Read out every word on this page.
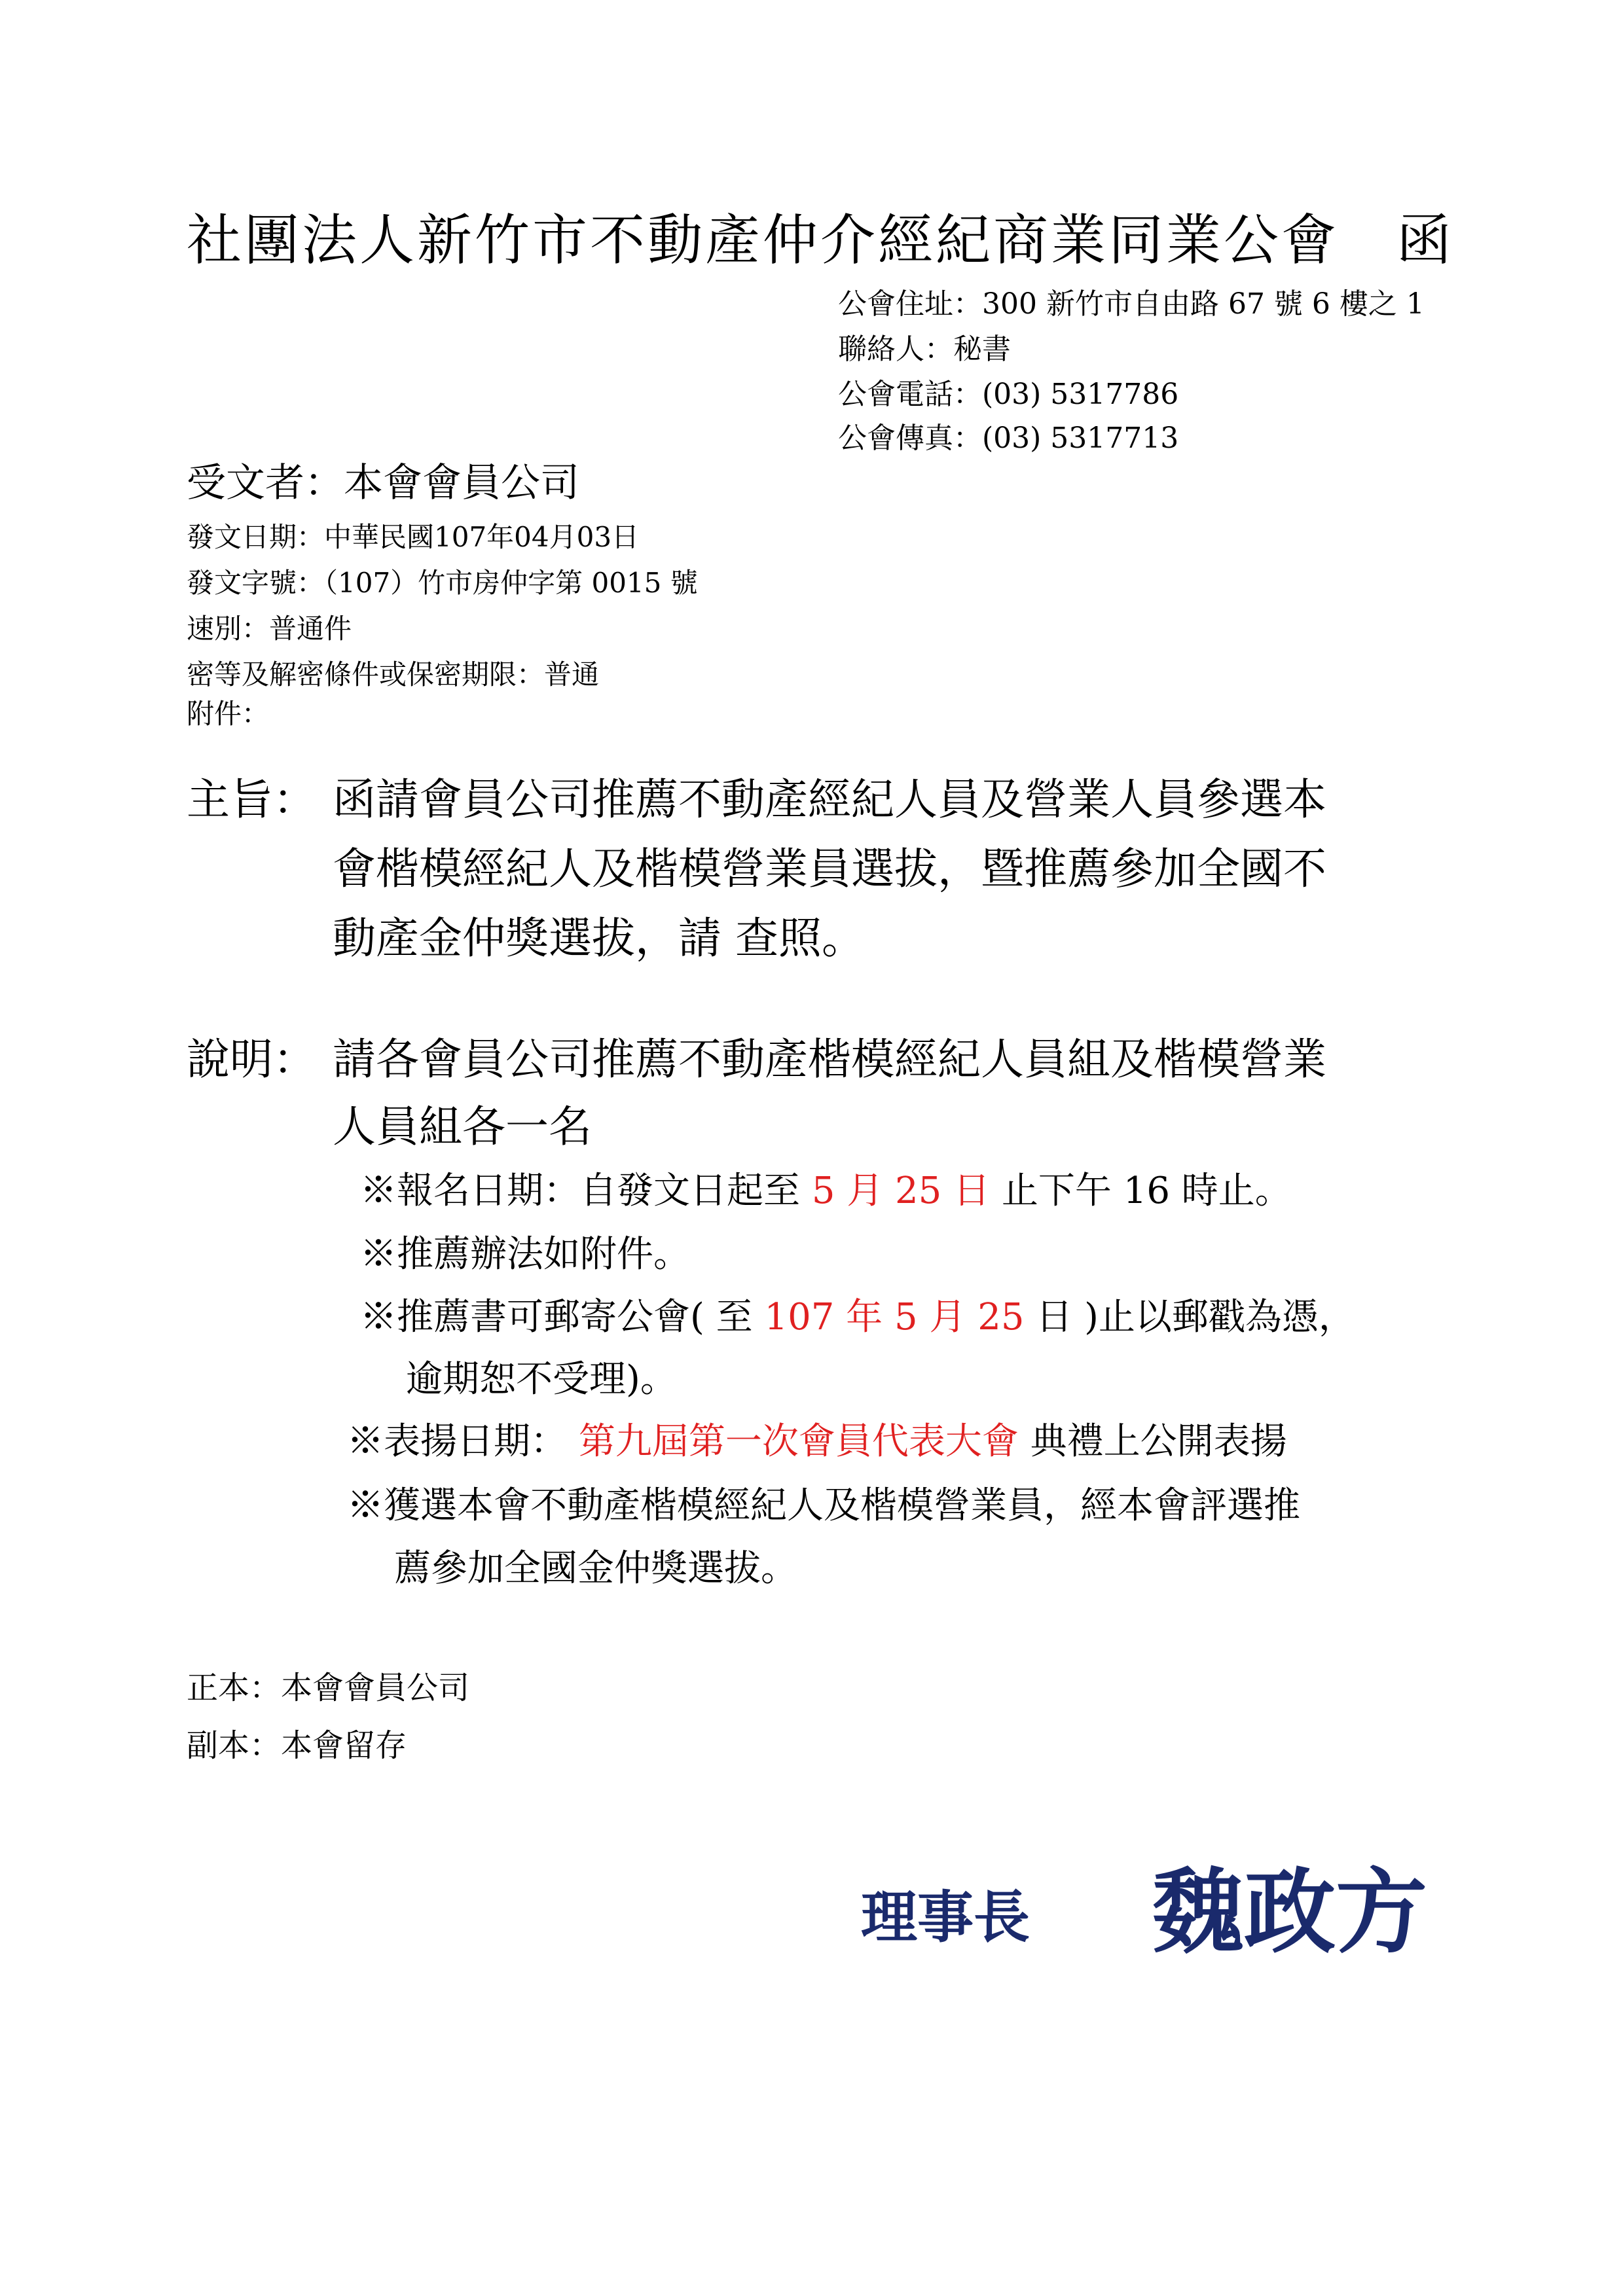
社團法人新竹市不動產仲介經紀商業同業公會　函
公會住址：300 新竹市自由路 67 號 6 樓之 1
聯絡人：秘書
公會電話：(03) 5317786
公會傳真：(03) 5317713
受文者：本會會員公司
發文日期：中華民國107年04月03日
發文字號：（107）竹市房仲字第 0015 號
速別：普通件
密等及解密條件或保密期限：普通
附件：
主旨： 函請會員公司推薦不動產經紀人員及營業人員參選本
會楷模經紀人及楷模營業員選拔，暨推薦參加全國不
動產金仲獎選拔，請 查照。
說明： 請各會員公司推薦不動產楷模經紀人員組及楷模營業
人員組各一名
※報名日期：自發文日起至 5 月 25 日 止下午 16 時止。
※推薦辦法如附件。
※推薦書可郵寄公會( 至 107 年 5 月 25 日 )止以郵戳為憑，
逾期恕不受理)。
※表揚日期： 第九屆第一次會員代表大會 典禮上公開表揚
※獲選本會不動產楷模經紀人及楷模營業員，經本會評選推
薦參加全國金仲獎選拔。
正本：本會會員公司
副本：本會留存
理事長 魏政方
